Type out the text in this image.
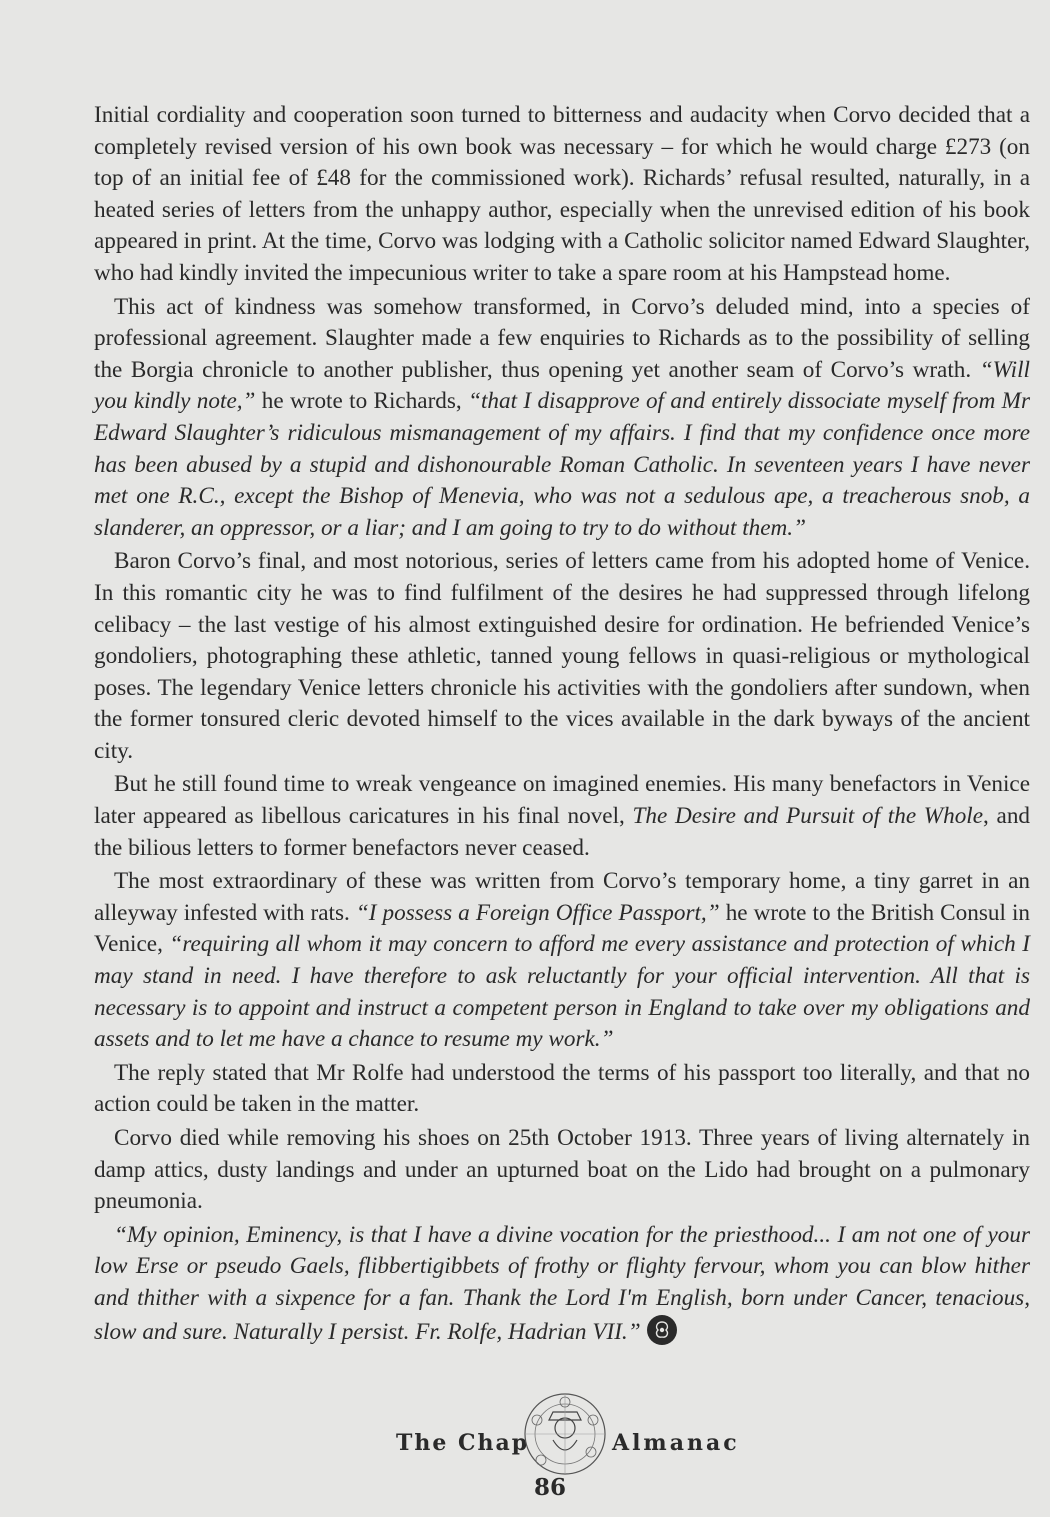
Initial cordiality and cooperation soon turned to bitterness and audacity when Corvo decided that a completely revised version of his own book was necessary – for which he would charge £273 (on top of an initial fee of £48 for the commissioned work). Richards’ refusal resulted, naturally, in a heated series of letters from the unhappy author, especially when the unrevised edition of his book appeared in print. At the time, Corvo was lodging with a Catholic solicitor named Edward Slaughter, who had kindly invited the impecunious writer to take a spare room at his Hampstead home.

This act of kindness was somehow transformed, in Corvo’s deluded mind, into a species of professional agreement. Slaughter made a few enquiries to Richards as to the possibility of selling the Borgia chronicle to another publisher, thus opening yet another seam of Corvo’s wrath. “Will you kindly note,” he wrote to Richards, “that I disapprove of and entirely dissociate myself from Mr Edward Slaughter’s ridiculous mismanagement of my affairs. I find that my confidence once more has been abused by a stupid and dishonourable Roman Catholic. In seventeen years I have never met one R.C., except the Bishop of Menevia, who was not a sedulous ape, a treacherous snob, a slanderer, an oppressor, or a liar; and I am going to try to do without them.”

Baron Corvo’s final, and most notorious, series of letters came from his adopted home of Venice. In this romantic city he was to find fulfilment of the desires he had suppressed through lifelong celibacy – the last vestige of his almost extinguished desire for ordination. He befriended Venice’s gondoliers, photographing these athletic, tanned young fellows in quasi-religious or mythological poses. The legendary Venice letters chronicle his activities with the gondoliers after sundown, when the former tonsured cleric devoted himself to the vices available in the dark byways of the ancient city.

But he still found time to wreak vengeance on imagined enemies. His many benefactors in Venice later appeared as libellous caricatures in his final novel, The Desire and Pursuit of the Whole, and the bilious letters to former benefactors never ceased.

The most extraordinary of these was written from Corvo’s temporary home, a tiny garret in an alleyway infested with rats. “I possess a Foreign Office Passport,” he wrote to the British Consul in Venice, “requiring all whom it may concern to afford me every assistance and protection of which I may stand in need. I have therefore to ask reluctantly for your official intervention. All that is necessary is to appoint and instruct a competent person in England to take over my obligations and assets and to let me have a chance to resume my work.”

The reply stated that Mr Rolfe had understood the terms of his passport too literally, and that no action could be taken in the matter.

Corvo died while removing his shoes on 25th October 1913. Three years of living alternately in damp attics, dusty landings and under an upturned boat on the Lido had brought on a pulmonary pneumonia.

“My opinion, Eminency, is that I have a divine vocation for the priesthood... I am not one of your low Erse or pseudo Gaels, flibbertigibbets of frothy or flighty fervour, whom you can blow hither and thither with a sixpence for a fan. Thank the Lord I'm English, born under Cancer, tenacious, slow and sure. Naturally I persist. Fr. Rolfe, Hadrian VII.”

The Chap	Almanac
86
